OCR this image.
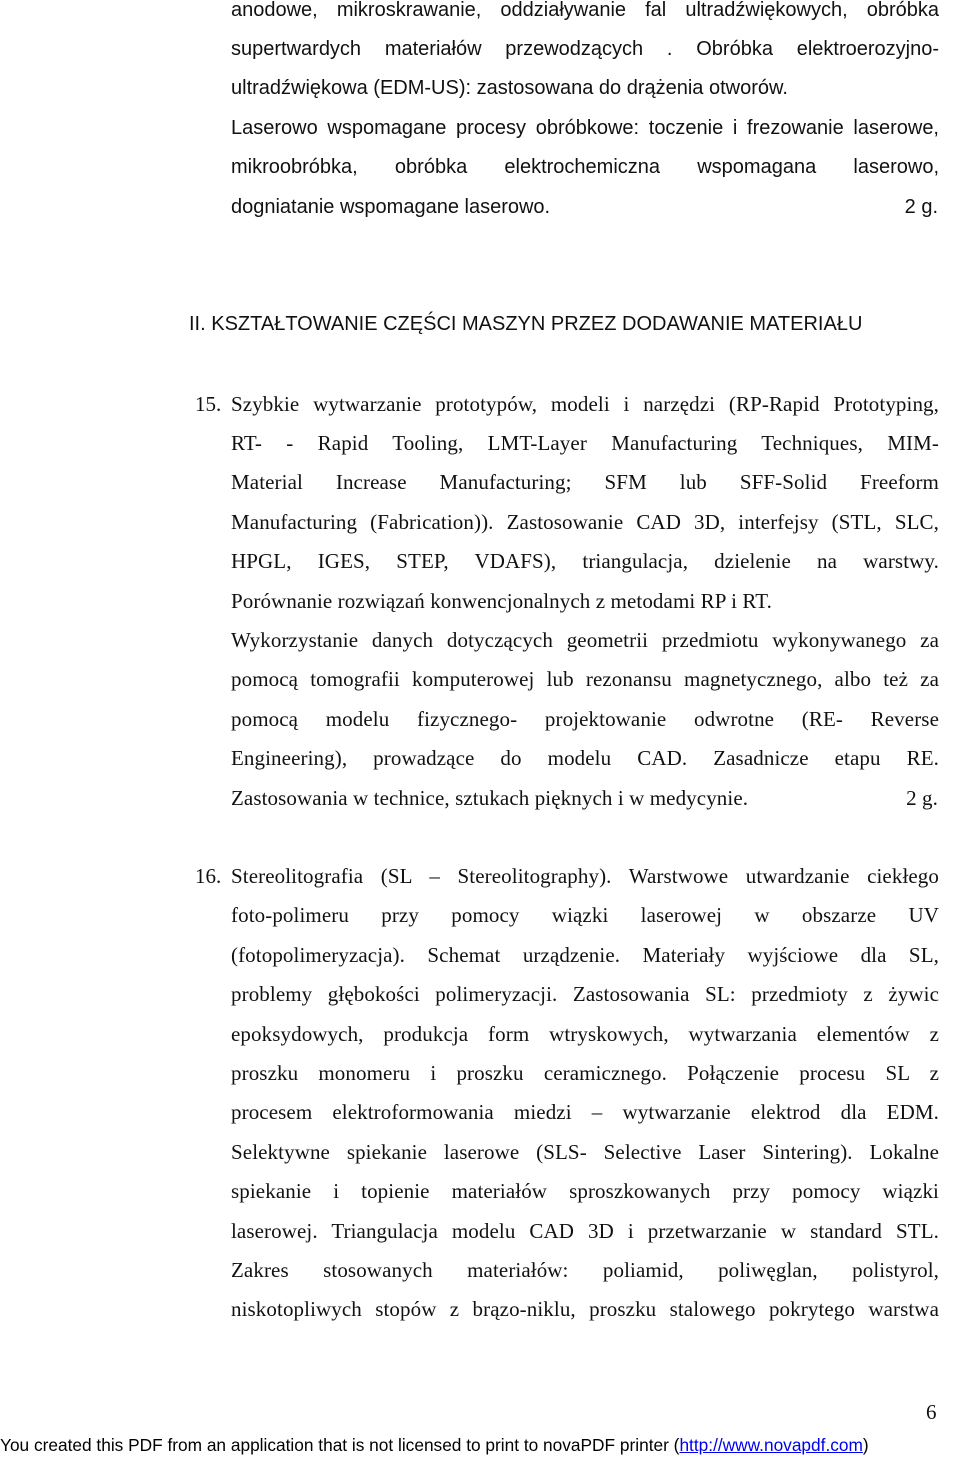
anodowe, mikroskrawanie, oddziaływanie fal ultradźwiękowych, obróbka
supertwardych materiałów przewodzących . Obróbka elektroerozyjno-
ultradźwiękowa (EDM-US): zastosowana do drążenia otworów.
Laserowo wspomagane procesy obróbkowe: toczenie i frezowanie laserowe,
mikroobróbka, obróbka elektrochemiczna wspomagana laserowo,
dogniatanie wspomagane laserowo.	2 g.
II. KSZTAŁTOWANIE CZĘŚCI MASZYN PRZEZ DODAWANIE MATERIAŁU
15. Szybkie wytwarzanie prototypów, modeli i narzędzi (RP-Rapid Prototyping,
RT- - Rapid Tooling, LMT-Layer Manufacturing Techniques, MIM-
Material Increase Manufacturing; SFM lub SFF-Solid Freeform
Manufacturing (Fabrication)). Zastosowanie CAD 3D, interfejsy (STL, SLC,
HPGL, IGES, STEP, VDAFS), triangulacja, dzielenie na warstwy.
Porównanie rozwiązań konwencjonalnych z metodami RP i RT.
Wykorzystanie danych dotyczących geometrii przedmiotu wykonywanego za
pomocą tomografii komputerowej lub rezonansu magnetycznego, albo też za
pomocą modelu fizycznego- projektowanie odwrotne (RE- Reverse
Engineering), prowadzące do modelu CAD. Zasadnicze etapu RE.
Zastosowania w technice, sztukach pięknych i w medycynie.	2 g.
16. Stereolitografia (SL – Stereolitography). Warstwowe utwardzanie ciekłego
foto-polimeru przy pomocy wiązki laserowej w obszarze UV
(fotopolimeryzacja). Schemat urządzenie. Materiały wyjściowe dla SL,
problemy głębokości polimeryzacji. Zastosowania SL: przedmioty z żywic
epoksydowych, produkcja form wtryskowych, wytwarzania elementów z
proszku monomeru i proszku ceramicznego. Połączenie procesu SL z
procesem elektroformowania miedzi – wytwarzanie elektrod dla EDM.
Selektywne spiekanie laserowe (SLS- Selective Laser Sintering). Lokalne
spiekanie i topienie materiałów sproszkowanych przy pomocy wiązki
laserowej. Triangulacja modelu CAD 3D i przetwarzanie w standard STL.
Zakres stosowanych materiałów: poliamid, poliwęglan, polistyrol,
niskotopliwych stopów z brązo-niklu, proszku stalowego pokrytego warstwa
6
You created this PDF from an application that is not licensed to print to novaPDF printer (http://www.novapdf.com)
